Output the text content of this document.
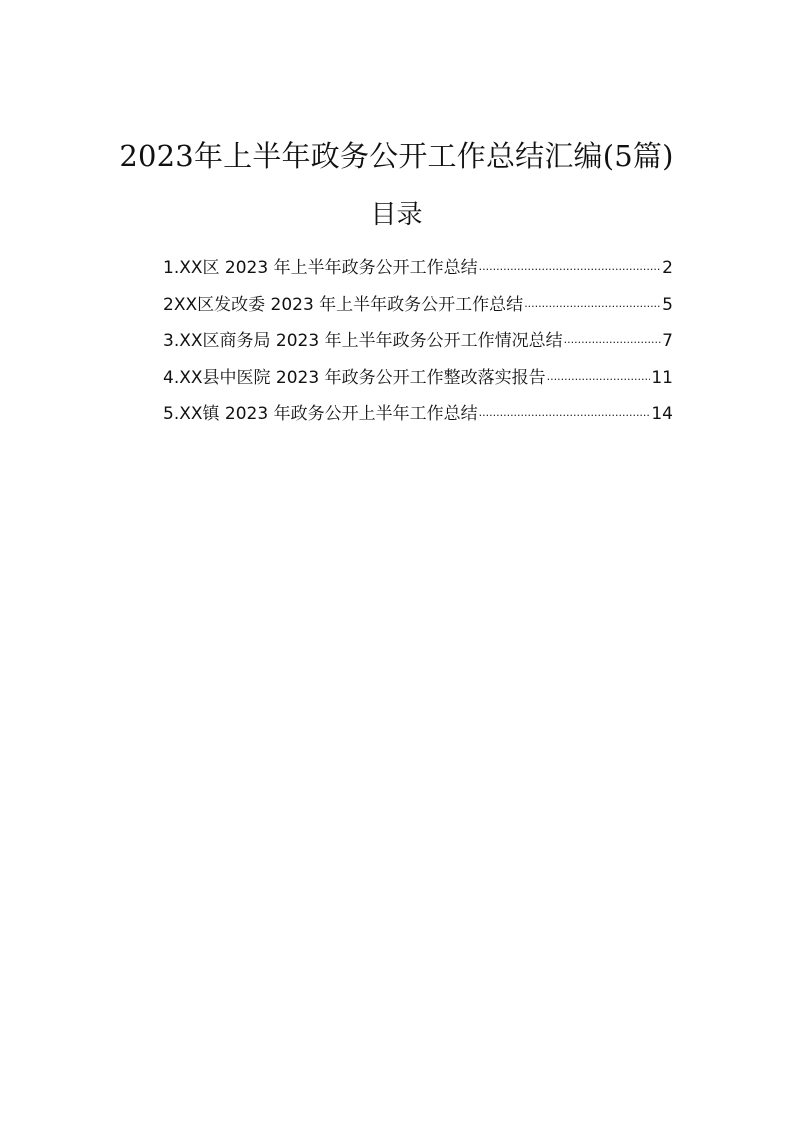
2023年上半年政务公开工作总结汇编(5篇)
目录
1.XX区 2023 年上半年政务公开工作总结 ·····	2
2XX区发改委 2023 年上半年政务公开工作总结 ·····	5
3.XX区商务局 2023 年上半年政务公开工作情况总结 ·····	7
4.XX县中医院 2023 年政务公开工作整改落实报告 ·····	11
5.XX镇 2023 年政务公开上半年工作总结 ·····	14
